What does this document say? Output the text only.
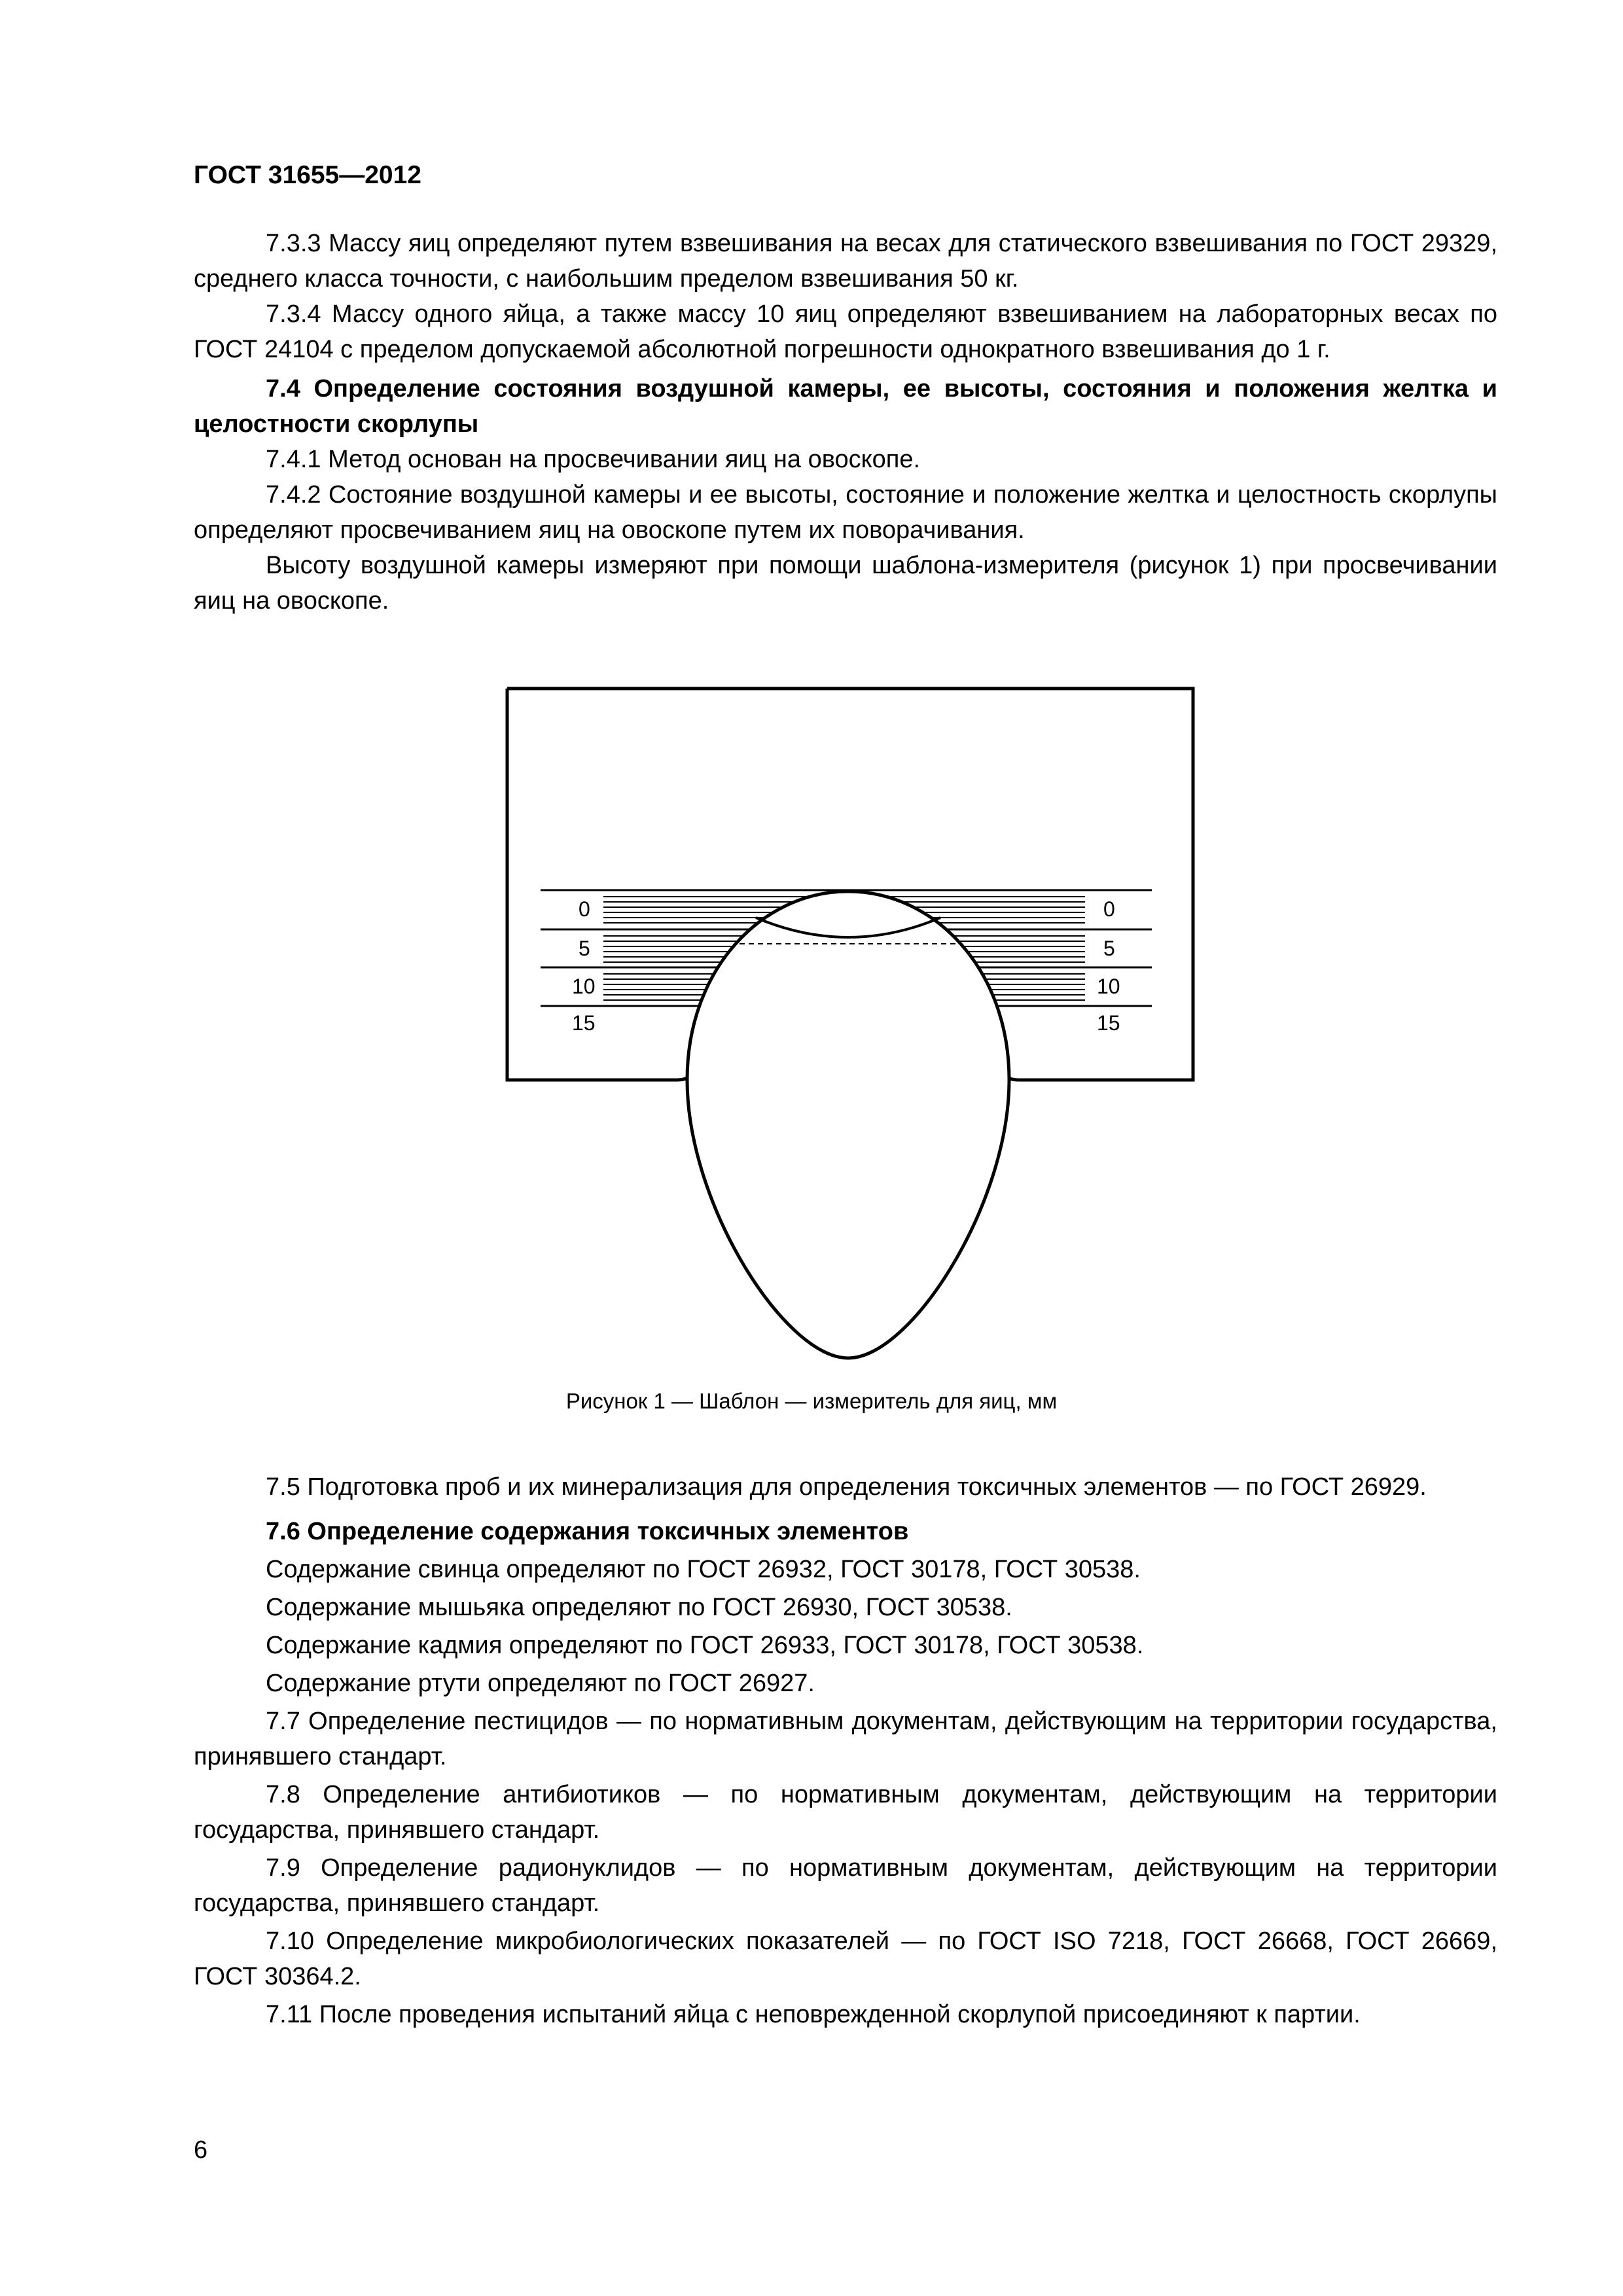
ГОСТ 31655—2012

7.3.3 Массу яиц определяют путем взвешивания на весах для статического взвешивания по ГОСТ 29329, среднего класса точности, с наибольшим пределом взвешивания 50 кг.

7.3.4 Массу одного яйца, а также массу 10 яиц определяют взвешиванием на лабораторных весах по ГОСТ 24104 с пределом допускаемой абсолютной погрешности однократного взвешивания до 1 г.

7.4 Определение состояния воздушной камеры, ее высоты, состояния и положения желтка и целостности скорлупы

7.4.1 Метод основан на просвечивании яиц на овоскопе.

7.4.2 Состояние воздушной камеры и ее высоты, состояние и положение желтка и целостность скорлупы определяют просвечиванием яиц на овоскопе путем их поворачивания.

Высоту воздушной камеры измеряют при помощи шаблона-измерителя (рисунок 1) при просвечивании яиц на овоскопе.

0
5
10
15
0
5
10
15
Рисунок 1 — Шаблон — измеритель для яиц, мм

7.5 Подготовка проб и их минерализация для определения токсичных элементов — по ГОСТ 26929.

7.6 Определение содержания токсичных элементов

Содержание свинца определяют по ГОСТ 26932, ГОСТ 30178, ГОСТ 30538.

Содержание мышьяка определяют по ГОСТ 26930, ГОСТ 30538.

Содержание кадмия определяют по ГОСТ 26933, ГОСТ 30178, ГОСТ 30538.

Содержание ртути определяют по ГОСТ 26927.

7.7 Определение пестицидов — по нормативным документам, действующим на территории государства, принявшего стандарт.

7.8 Определение антибиотиков — по нормативным документам, действующим на территории государства, принявшего стандарт.

7.9 Определение радионуклидов — по нормативным документам, действующим на территории государства, принявшего стандарт.

7.10 Определение микробиологических показателей — по ГОСТ ISO 7218, ГОСТ 26668, ГОСТ 26669, ГОСТ 30364.2.

7.11 После проведения испытаний яйца с неповрежденной скорлупой присоединяют к партии.

6
